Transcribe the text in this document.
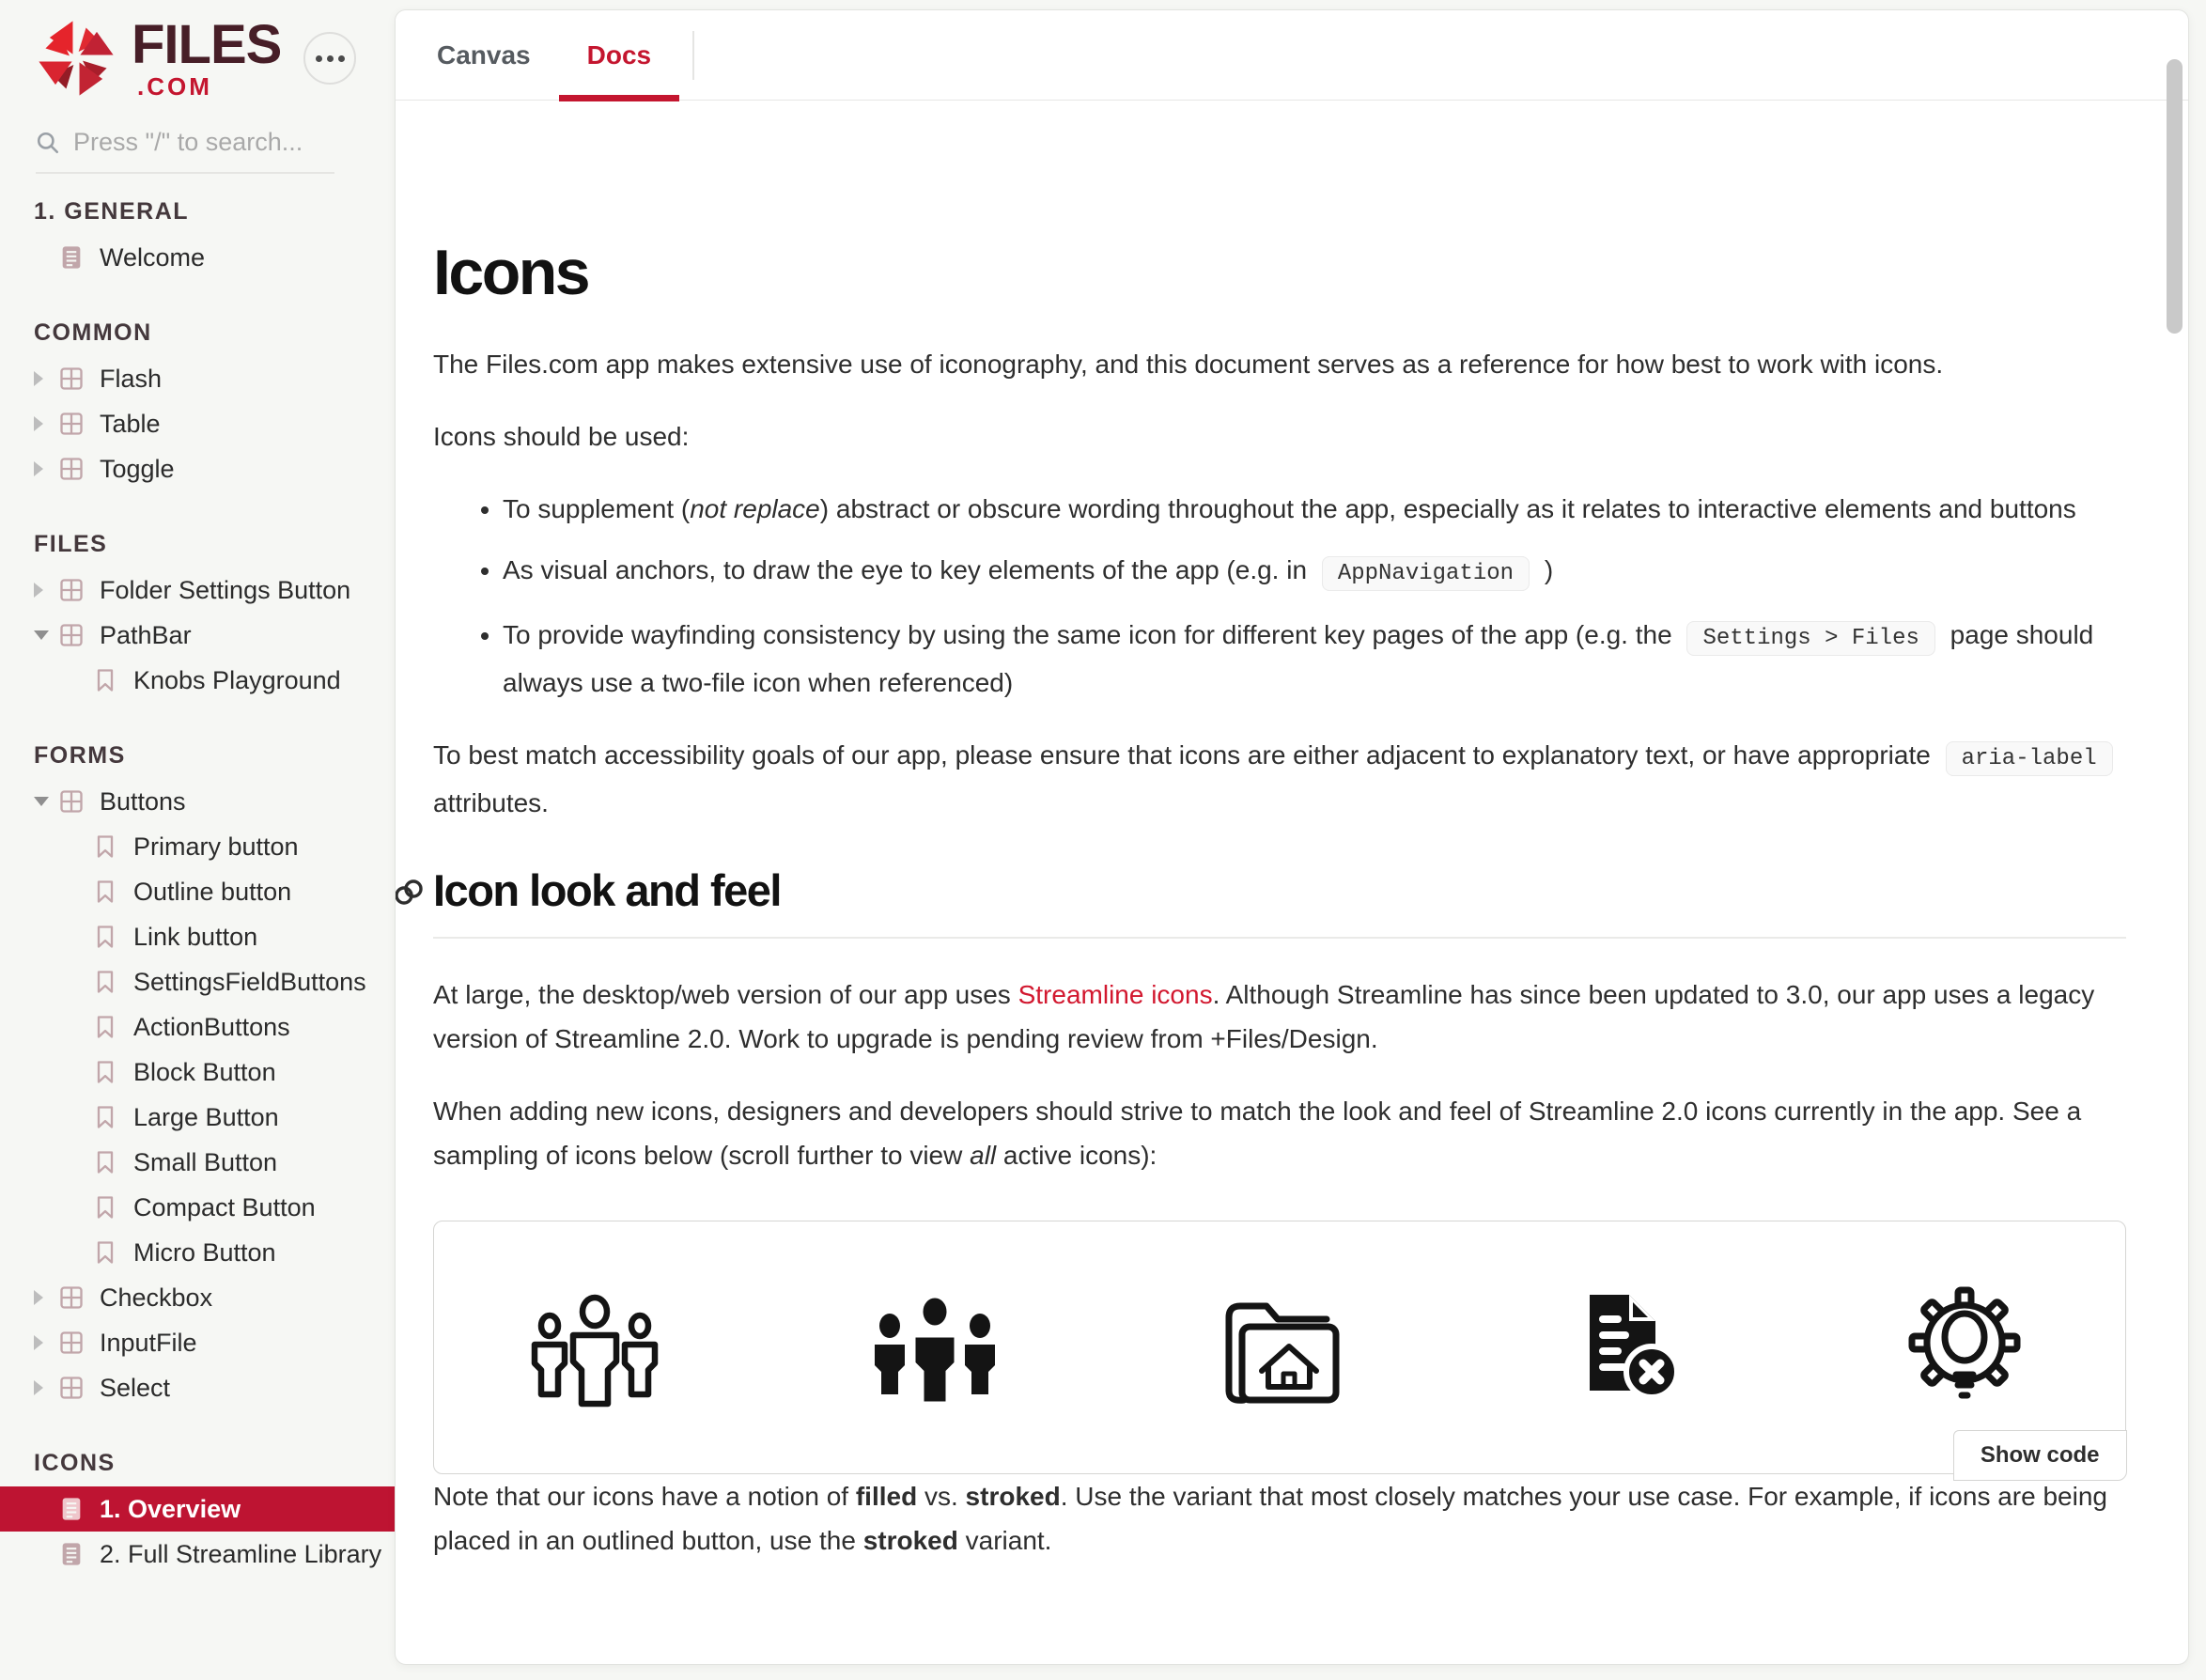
FILES
.COM
Press "/" to search...
1. GENERAL
Welcome
COMMON
Flash
Table
Toggle
FILES
Folder Settings Button
PathBar
Knobs Playground
FORMS
Buttons
Primary button
Outline button
Link button
SettingsFieldButtons
ActionButtons
Block Button
Large Button
Small Button
Compact Button
Micro Button
Checkbox
InputFile
Select
ICONS
1. Overview
2. Full Streamline Library
Canvas	Docs
Icons

The Files.com app makes extensive use of iconography, and this document serves as a reference for how best to work with icons.

Icons should be used:

• To supplement (not replace) abstract or obscure wording throughout the app, especially as it relates to interactive elements and buttons
• As visual anchors, to draw the eye to key elements of the app (e.g. in AppNavigation )
• To provide wayfinding consistency by using the same icon for different key pages of the app (e.g. the Settings > Files page should always use a two-file icon when referenced)

To best match accessibility goals of our app, please ensure that icons are either adjacent to explanatory text, or have appropriate aria-label attributes.

Icon look and feel

At large, the desktop/web version of our app uses Streamline icons. Although Streamline has since been updated to 3.0, our app uses a legacy version of Streamline 2.0. Work to upgrade is pending review from +Files/Design.

When adding new icons, designers and developers should strive to match the look and feel of Streamline 2.0 icons currently in the app. See a sampling of icons below (scroll further to view all active icons):

Show code

Note that our icons have a notion of filled vs. stroked. Use the variant that most closely matches your use case. For example, if icons are being placed in an outlined button, use the stroked variant.
